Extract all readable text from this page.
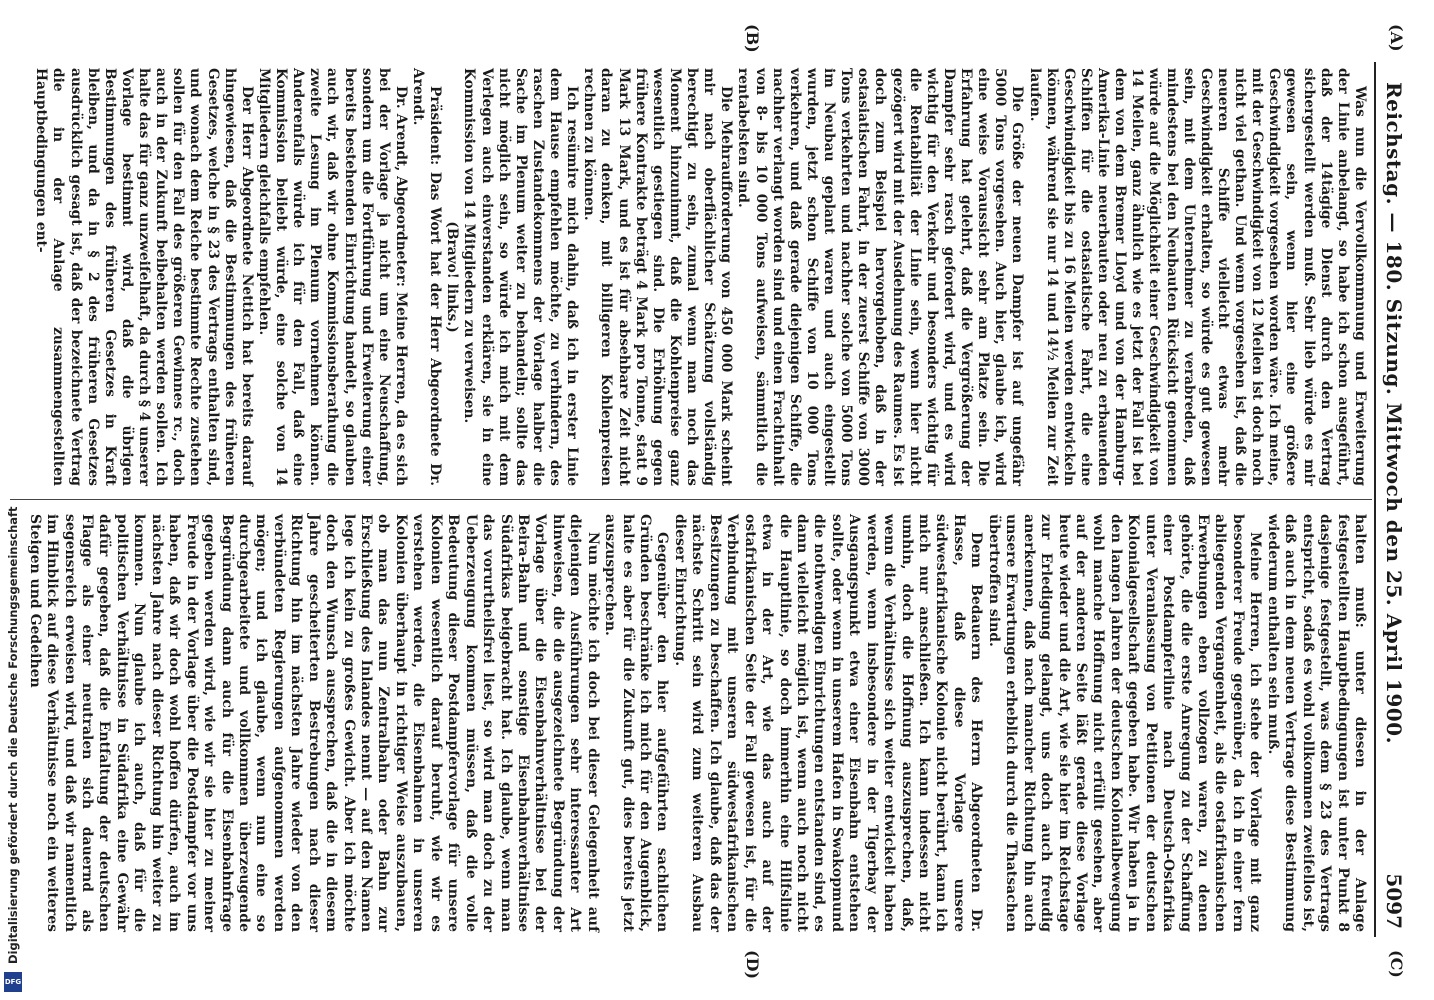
Reichstag. — 180. Sitzung. Mittwoch den 25. April 1900.
5097
(A)
(B)
(C)
(D)

Was nun die Vervollkommnung und Erweiterung der Linie anbelangt, so habe ich schon ausgeführt, daß der 14tägige Dienst durch den Vertrag sichergestellt werden muß. Sehr lieb würde es mir gewesen sein, wenn hier eine größere Geschwindigkeit vorgesehen worden wäre. Ich meine, mit der Geschwindigkeit von 12 Meilen ist doch noch nicht viel gethan. Und wenn vorgesehen ist, daß die neueren Schiffe vielleicht etwas mehr Geschwindigkeit erhalten, so würde es gut gewesen sein, mit dem Unternehmer zu verabreden, daß mindestens bei den Neubauten Rücksicht genommen würde auf die Möglichkeit einer Geschwindigkeit von 14 Meilen, ganz ähnlich wie es jetzt der Fall ist bei dem von dem Bremer Lloyd und von der Hamburg-Amerika-Linie neuerbauten oder neu zu erbauenden Schiffen für die ostasiatische Fahrt, die eine Geschwindigkeit bis zu 16 Meilen werden entwickeln können, während sie nur 14 und 14½ Meilen zur Zeit laufen.

Die Größe der neuen Dampfer ist auf ungefähr 5000 Tons vorgesehen. Auch hier, glaube ich, wird eine weise Voraussicht sehr am Platze sein. Die Erfahrung hat gelehrt, daß die Vergrößerung der Dampfer sehr rasch gefordert wird, und es wird wichtig für den Verkehr und besonders wichtig für die Rentabilität der Linie sein, wenn hier nicht gezögert wird mit der Ausdehnung des Raumes. Es ist doch zum Beispiel hervorgehoben, daß in der ostasiatischen Fahrt, in der zuerst Schiffe von 3000 Tons verkehrten und nachher solche von 5000 Tons im Neubau geplant waren und auch eingestellt wurden, jetzt schon Schiffe von 10 000 Tons verkehren, und daß gerade diejenigen Schiffe, die nachher verlangt worden sind und einen Frachtinhalt von 8- bis 10 000 Tons aufweisen, sämmtlich die rentabelsten sind.

Die Mehraufforderung von 450 000 Mark scheint mir nach oberflächlicher Schätzung vollständig berechtigt zu sein, zumal wenn man noch das Moment hinzunimmt, daß die Kohlenpreise ganz wesentlich gestiegen sind. Die Erhöhung gegen frühere Kontrakte beträgt 4 Mark pro Tonne, statt 9 Mark 13 Mark, und es ist für absehbare Zeit nicht daran zu denken, mit billigeren Kohlenpreisen rechnen zu können.

Ich resümire mich dahin, daß ich in erster Linie dem Hause empfehlen möchte, zu verhindern, des raschen Zustandekommens der Vorlage halber die Sache im Plenum weiter zu behandeln; sollte das nicht möglich sein, so würde ich mich mit dem Verlegen auch einverstanden erklären, sie in eine Kommission von 14 Mitgliedern zu verweisen.

(Bravo! links.)

Präsident: Das Wort hat der Herr Abgeordnete Dr. Arendt.

Dr. Arendt, Abgeordneter: Meine Herren, da es sich bei der Vorlage ja nicht um eine Neuschaffung, sondern um die Fortführung und Erweiterung einer bereits bestehenden Einrichtung handelt, so glauben auch wir, daß wir ohne Kommissionsberathung die zweite Lesung im Plenum vornehmen können. Anderenfalls würde ich für den Fall, daß eine Kommission beliebt würde, eine solche von 14 Mitgliedern gleichfalls empfehlen.

Der Herr Abgeordnete Nettich hat bereits darauf hingewiesen, daß die Bestimmungen des früheren Gesetzes, welche in § 23 des Vertrags enthalten sind, und wonach dem Reiche bestimmte Rechte zustehen sollen für den Fall des größeren Gewinnes rc., doch auch in der Zukunft beibehalten werden sollen. Ich halte das für ganz unzweifelhaft, da durch § 4 unserer Vorlage bestimmt wird, daß die übrigen Bestimmungen des früheren Gesetzes in Kraft bleiben, und da in § 2 des früheren Gesetzes ausdrücklich gesagt ist, daß der bezeichnete Vertrag die in der Anlage zusammengestellten Hauptbedingungen ent-

halten muß: unter diesen in der Anlage festgestellten Hauptbedingungen ist unter Punkt 8 dasjenige festgestellt, was dem § 23 des Vertrags entspricht, sodaß es wohl vollkommen zweifellos ist, daß auch in dem neuen Vertrage diese Bestimmung wiederum enthalten sein muß.

Meine Herren, ich stehe der Vorlage mit ganz besonderer Freude gegenüber, da ich in einer fern abliegenden Vergangenheit, als die ostafrikanischen Erwerbungen eben vollzogen waren, zu denen gehörte, die die erste Anregung zu der Schaffung einer Postdampferlinie nach Deutsch-Ostafrika unter Veranlassung von Petitionen der deutschen Kolonialgesellschaft gegeben habe. Wir haben ja in den langen Jahren der deutschen Kolonialbewegung wohl manche Hoffnung nicht erfüllt gesehen, aber auf der anderen Seite läßt gerade diese Vorlage heute wieder und die Art, wie sie hier im Reichstage zur Erledigung gelangt, uns doch auch freudig anerkennen, daß nach mancher Richtung hin auch unsere Erwartungen erheblich durch die Thatsachen übertroffen sind.

Dem Bedauern des Herrn Abgeordneten Dr. Hasse, daß diese Vorlage unsere südwestafrikanische Kolonie nicht berührt, kann ich mich nur anschließen. Ich kann indessen nicht umhin, doch die Hoffnung auszusprechen, daß, wenn die Verhältnisse sich weiter entwickelt haben werden, wenn insbesondere in der Tigerbay der Ausgangspunkt etwa einer Eisenbahn entstehen sollte, oder wenn in unserem Hafen in Swakopmund die nothwendigen Einrichtungen entstanden sind, es dann vielleicht möglich ist, wenn auch noch nicht die Hauptlinie, so doch immerhin eine Hilfslinie etwa in der Art, wie das auch auf der ostafrikanischen Seite der Fall gewesen ist, für die Verbindung mit unseren südwestafrikanischen Besitzungen zu beschaffen. Ich glaube, daß das der nächste Schritt sein wird zum weiteren Ausbau dieser Einrichtung.

Gegenüber den hier aufgeführten sachlichen Gründen beschränke ich mich für den Augenblick, halte es aber für die Zukunft gut, dies bereits jetzt auszusprechen.

Nun möchte ich doch bei dieser Gelegenheit auf diejenigen Ausführungen sehr interessanter Art hinweisen, die die ausgezeichnete Begründung der Vorlage über die Eisenbahnverhältnisse bei der Beira-Bahn und sonstige Eisenbahnverhältnisse Südafrikas beigebracht hat. Ich glaube, wenn man das vorurtheilsfrei liest, so wird man doch zu der Ueberzeugung kommen müssen, daß die volle Bedeutung dieser Postdampfervorlage für unsere Kolonien wesentlich darauf beruht, wie wir es verstehen werden, die Eisenbahnen in unseren Kolonien überhaupt in richtiger Weise auszubauen, ob man das nun Zentralbahn oder Bahn zur Erschließung des Inlandes nennt — auf den Namen lege ich kein zu großes Gewicht. Aber ich möchte doch den Wunsch aussprechen, daß die in diesem Jahre gescheiterten Bestrebungen nach dieser Richtung hin im nächsten Jahre wieder von den verbündeten Regierungen aufgenommen werden mögen; und ich glaube, wenn nun eine so durchgearbeitete und vollkommen überzeugende Begründung dann auch für die Eisenbahnfrage gegeben werden wird, wie wir sie hier zu meiner Freude in der Vorlage über die Postdampfer vor uns haben, daß wir doch wohl hoffen dürfen, auch im nächsten Jahre nach dieser Richtung hin weiter zu kommen. Nun glaube ich auch, daß für die politischen Verhältnisse in Südafrika eine Gewähr dafür gegeben, daß die Entfaltung der deutschen Flagge als einer neutralen sich dauernd als segensreich erweisen wird, und daß wir namentlich im Hinblick auf diese Verhältnisse noch ein weiteres Steigen und Gedeihen

Digitalisierung gefördert durch die Deutsche Forschungsgemeinschaft
DFG
